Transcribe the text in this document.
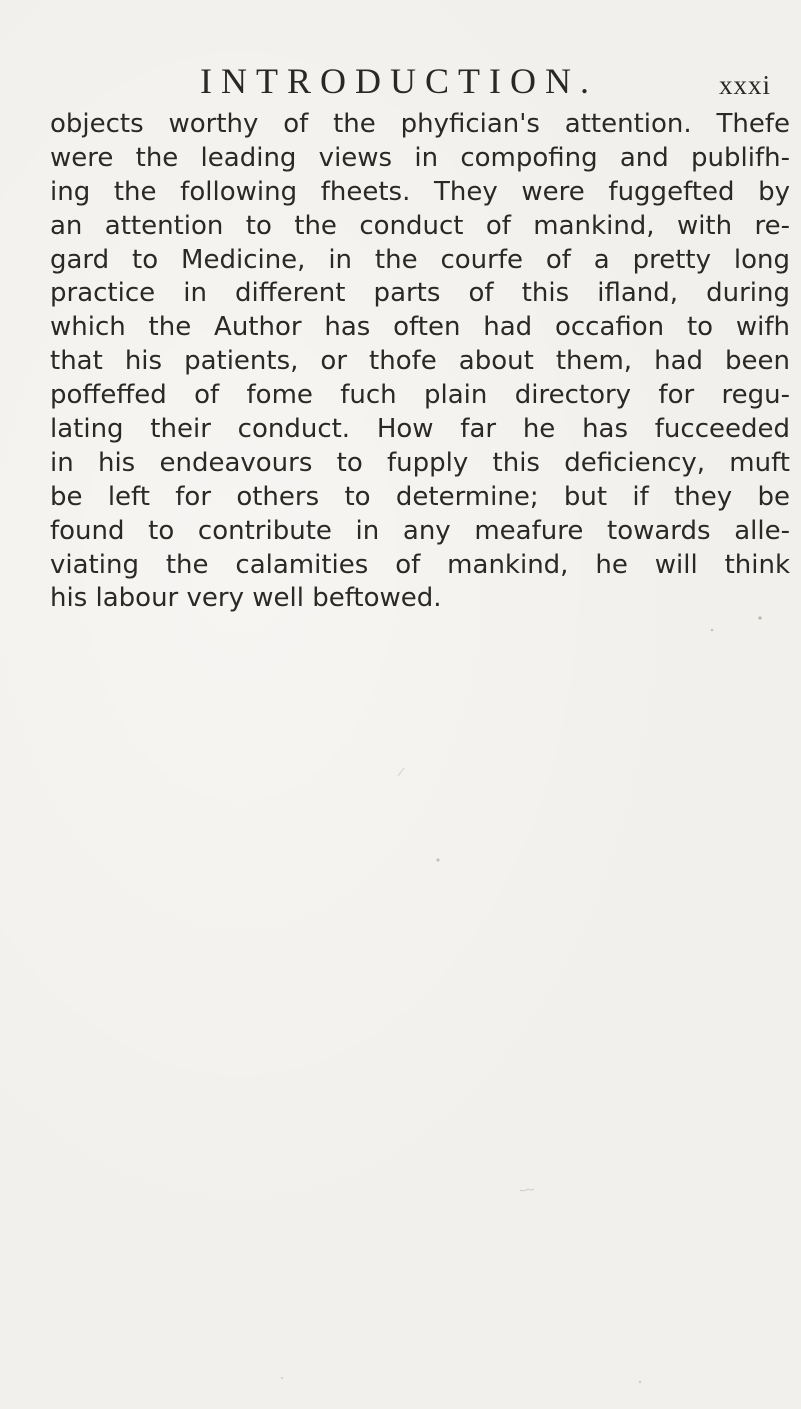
INTRODUCTION.	xxxi
objects worthy of the phyfician's attention. Thefe
were the leading views in compofing and publifh-
ing the following fheets. They were fuggefted by
an attention to the conduct of mankind, with re-
gard to Medicine, in the courfe of a pretty long
practice in different parts of this ifland, during
which the Author has often had occafion to wifh
that his patients, or thofe about them, had been
poffeffed of fome fuch plain directory for regu-
lating their conduct. How far he has fucceeded
in his endeavours to fupply this deficiency, muft
be left for others to determine; but if they be
found to contribute in any meafure towards alle-
viating the calamities of mankind, he will think
his labour very well beftowed.
